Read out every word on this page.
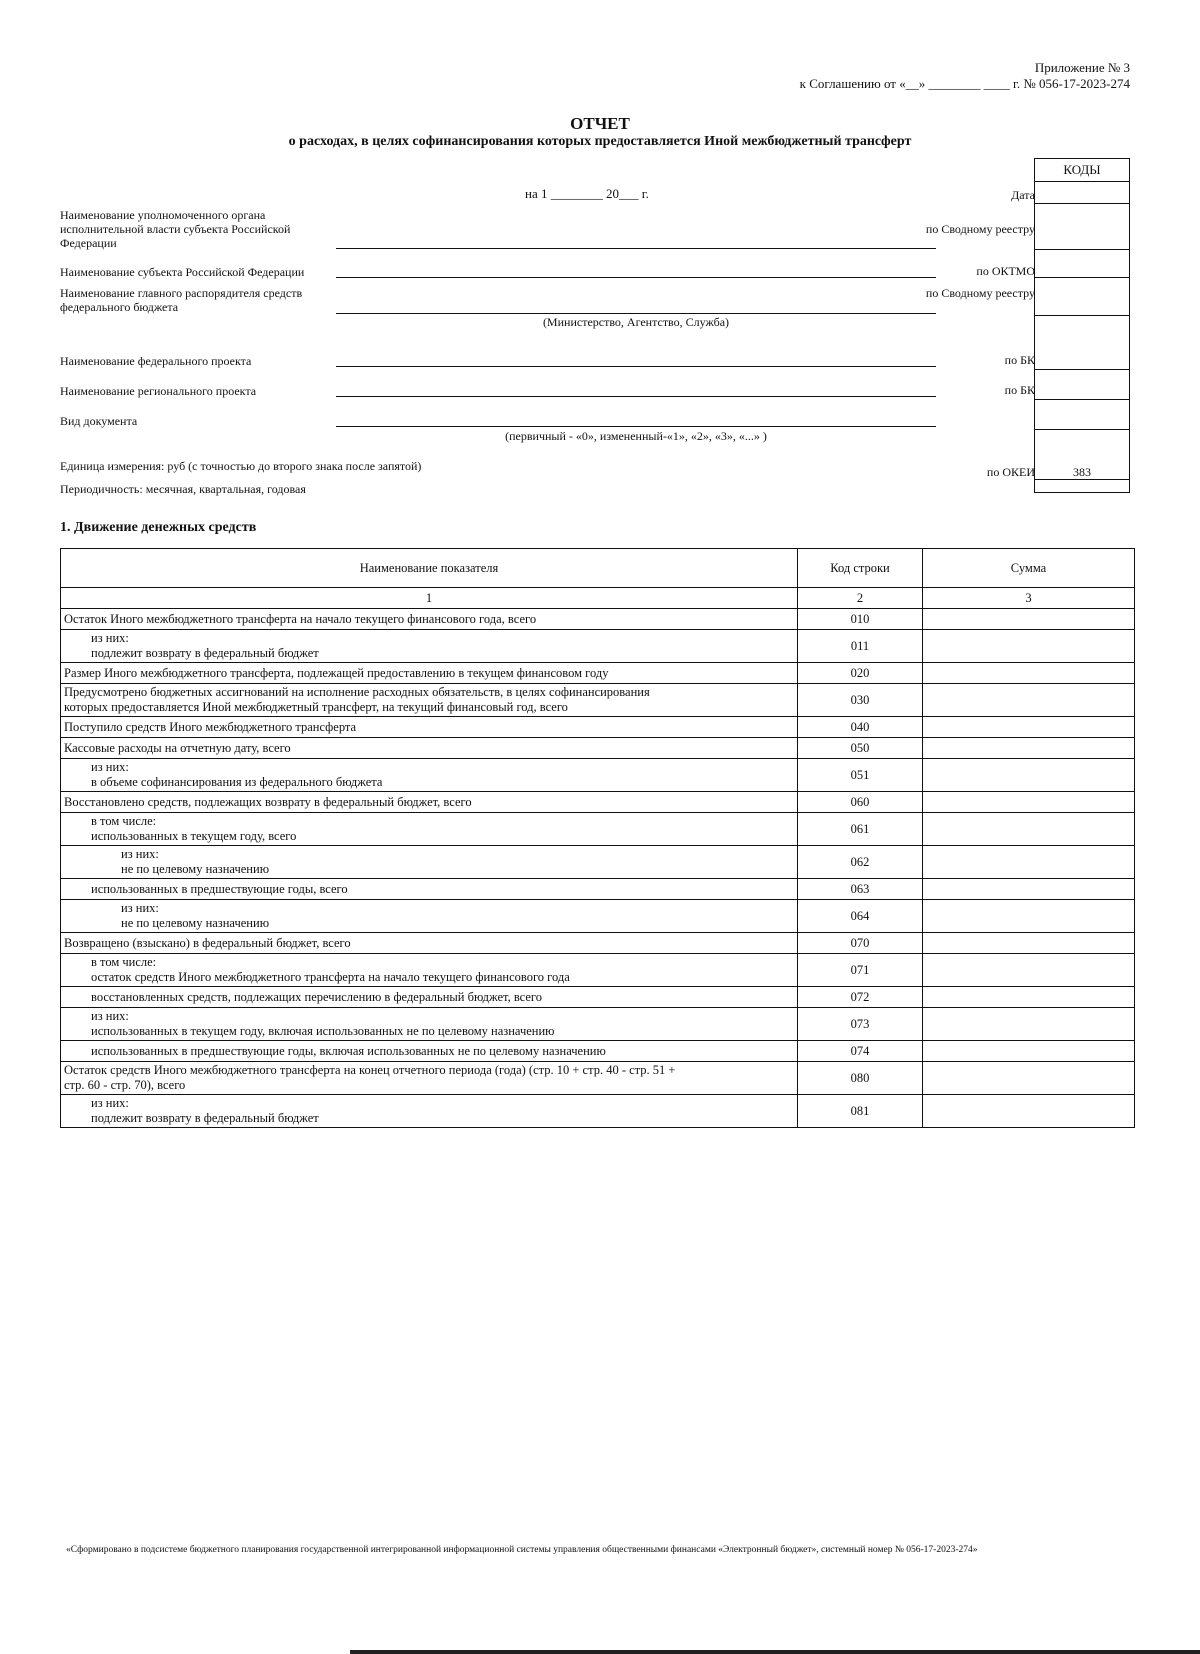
Приложение № 3
к Соглашению от «__» ________ ____ г. № 056-17-2023-274
ОТЧЕТ
о расходах, в целях софинансирования которых предоставляется Иной межбюджетный трансферт
на 1 ________ 20___ г.
КОДЫ
383
Дата
по Сводному реестру
по ОКТМО
по Сводному реестру
по БК
по БК
по ОКЕИ
Наименование уполномоченного органа исполнительной власти субъекта Российской Федерации
Наименование субъекта Российской Федерации
Наименование главного распорядителя средств федерального бюджета
(Министерство, Агентство, Служба)
Наименование федерального проекта
Наименование регионального проекта
Вид документа
(первичный - «0», измененный-«1», «2», «3», «...» )
Единица измерения: руб (с точностью до второго знака после запятой)
Периодичность: месячная, квартальная, годовая
1. Движение денежных средств
Наименование показателя	Код строки	Сумма
1	2	3

Остаток Иного межбюджетного трансферта на начало текущего финансового года, всего	010	

из них:
подлежит возврату в федеральный бюджет	011	

Размер Иного межбюджетного трансферта, подлежащей предоставлению в текущем финансовом году	020	

Предусмотрено бюджетных ассигнований на исполнение расходных обязательств, в целях софинансирования
которых предоставляется Иной межбюджетный трансферт, на текущий финансовый год, всего	030	

Поступило средств Иного межбюджетного трансферта	040	

Кассовые расходы на отчетную дату, всего	050	

из них:
в объеме софинансирования из федерального бюджета	051	

Восстановлено средств, подлежащих возврату в федеральный бюджет, всего	060	

в том числе:
использованных в текущем году, всего	061	

из них:
не по целевому назначению	062	

использованных в предшествующие годы, всего	063	

из них:
не по целевому назначению	064	

Возвращено (взыскано) в федеральный бюджет, всего	070	

в том числе:
остаток средств Иного межбюджетного трансферта на начало текущего финансового года	071	

восстановленных средств, подлежащих перечислению в федеральный бюджет, всего	072	

из них:
использованных в текущем году, включая использованных не по целевому назначению	073	

использованных в предшествующие годы, включая использованных не по целевому назначению	074	

Остаток средств Иного межбюджетного трансферта на конец отчетного периода (года) (стр. 10 + стр. 40 - стр. 51 +
стр. 60 - стр. 70), всего	080	

из них:
подлежит возврату в федеральный бюджет	081	
«Сформировано в подсистеме бюджетного планирования государственной интегрированной информационной системы управления общественными финансами «Электронный бюджет», системный номер № 056-17-2023-274»
